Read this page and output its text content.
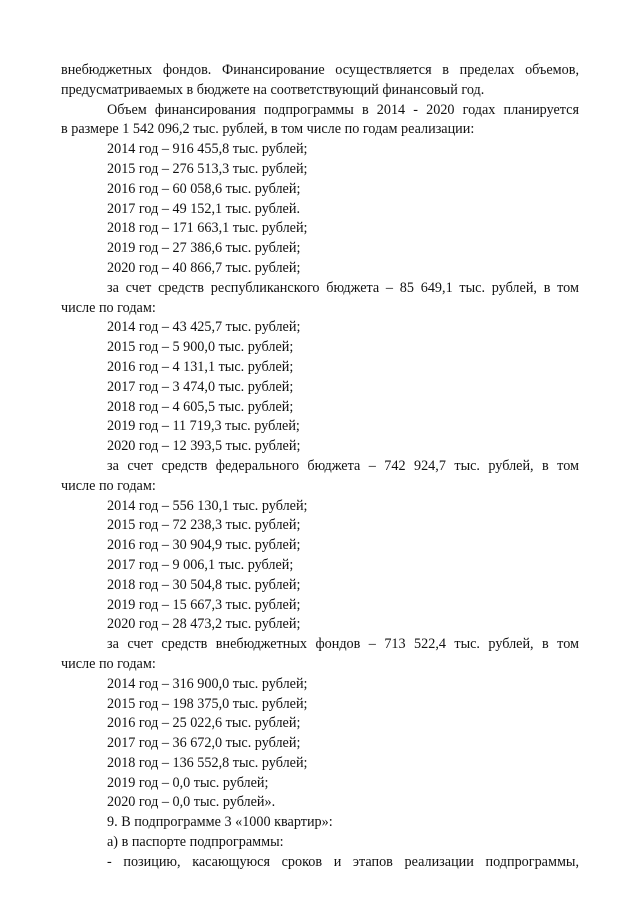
внебюджетных фондов. Финансирование осуществляется в пределах объемов,

предусматриваемых в бюджете на соответствующий финансовый год.

Объем финансирования подпрограммы в 2014 - 2020 годах планируется

в размере 1 542 096,2 тыс. рублей, в том числе по годам реализации:

2014 год – 916 455,8 тыс. рублей;

2015 год – 276 513,3 тыс. рублей;

2016 год – 60 058,6 тыс. рублей;

2017 год – 49 152,1 тыс. рублей.

2018 год – 171 663,1 тыс. рублей;

2019 год – 27 386,6 тыс. рублей;

2020 год – 40 866,7 тыс. рублей;

за счет средств республиканского бюджета – 85 649,1 тыс. рублей, в том

числе по годам:

2014 год – 43 425,7 тыс. рублей;

2015 год – 5 900,0 тыс. рублей;

2016 год – 4 131,1 тыс. рублей;

2017 год – 3 474,0 тыс. рублей;

2018 год – 4 605,5 тыс. рублей;

2019 год – 11 719,3 тыс. рублей;

2020 год – 12 393,5 тыс. рублей;

за счет средств федерального бюджета – 742 924,7 тыс. рублей, в том

числе по годам:

2014 год – 556 130,1 тыс. рублей;

2015 год – 72 238,3 тыс. рублей;

2016 год – 30 904,9 тыс. рублей;

2017 год – 9 006,1 тыс. рублей;

2018 год – 30 504,8 тыс. рублей;

2019 год – 15 667,3 тыс. рублей;

2020 год – 28 473,2 тыс. рублей;

за счет средств внебюджетных фондов – 713 522,4 тыс. рублей, в том

числе по годам:

2014 год – 316 900,0 тыс. рублей;

2015 год – 198 375,0 тыс. рублей;

2016 год – 25 022,6 тыс. рублей;

2017 год – 36 672,0 тыс. рублей;

2018 год – 136 552,8 тыс. рублей;

2019 год – 0,0 тыс. рублей;

2020 год – 0,0 тыс. рублей».

9. В подпрограмме 3 «1000 квартир»:

а) в паспорте подпрограммы:

- позицию, касающуюся сроков и этапов реализации подпрограммы,
